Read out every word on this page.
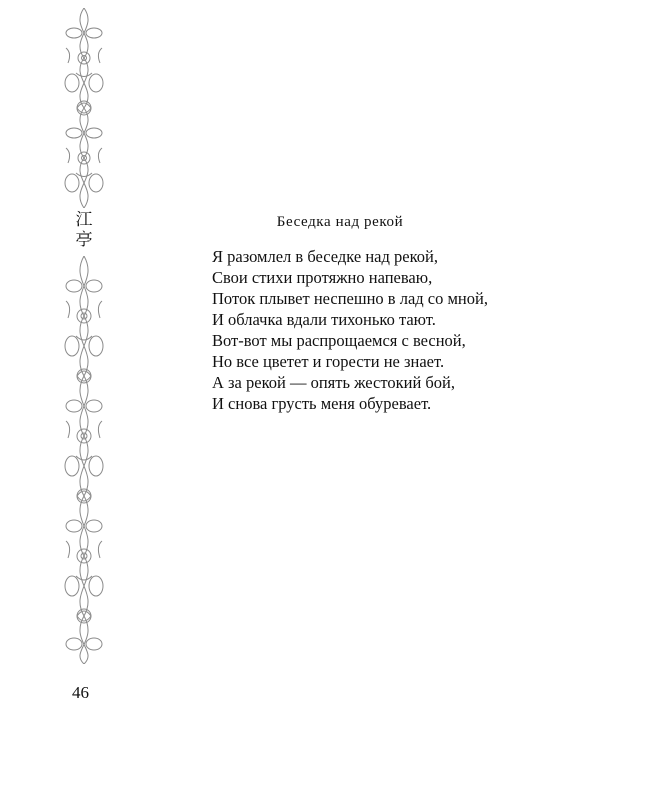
江
亭
Беседка над рекой
Я разомлел в беседке над рекой,
Свои стихи протяжно напеваю,
Поток плывет неспешно в лад со мной,
И облачка вдали тихонько тают.
Вот-вот мы распрощаемся с весной,
Но все цветет и горести не знает.
А за рекой — опять жестокий бой,
И снова грусть меня обуревает.
46
